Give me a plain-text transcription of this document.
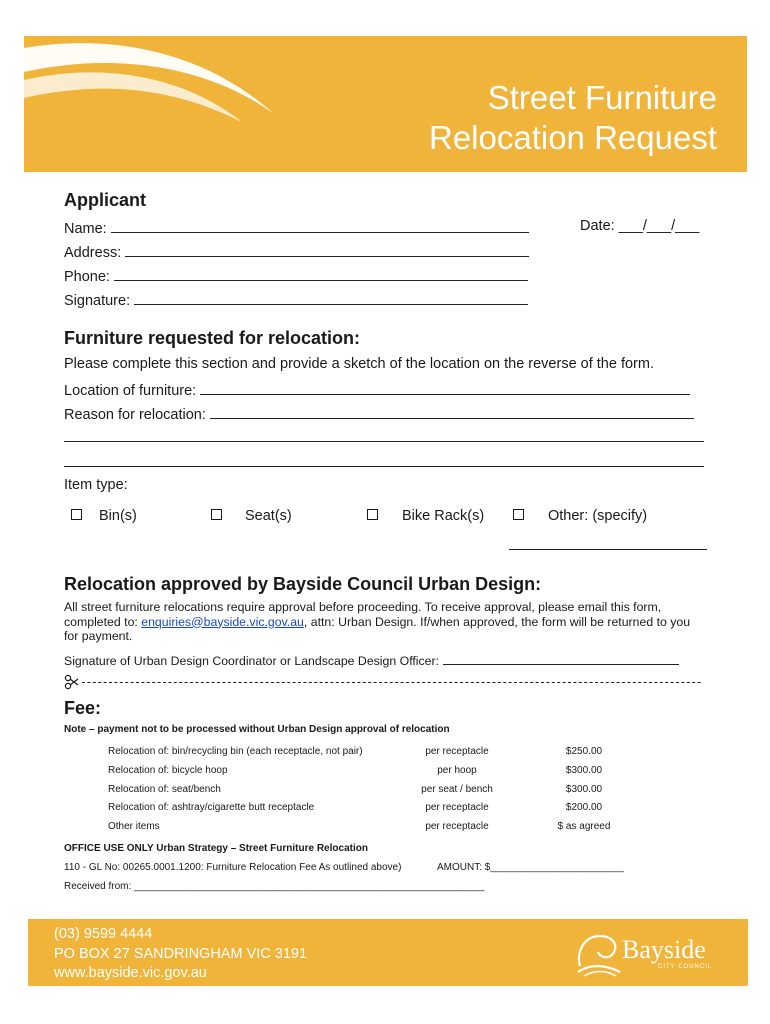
Street Furniture
Relocation Request
Applicant
Name:	Date: ___/___/___
Address:
Phone:
Signature:
Furniture requested for relocation:
Please complete this section and provide a sketch of the location on the reverse of the form.
Location of furniture:
Reason for relocation:
Item type:
Bin(s)	Seat(s)	Bike Rack(s)	Other: (specify)
Relocation approved by Bayside Council Urban Design:
All street furniture relocations require approval before proceeding. To receive approval, please email this form, completed to: enquiries@bayside.vic.gov.au, attn: Urban Design. If/when approved, the form will be returned to you for payment.
Signature of Urban Design Coordinator or Landscape Design Officer:
Fee:
Note – payment not to be processed without Urban Design approval of relocation
Relocation of: bin/recycling bin (each receptacle, not pair)	per receptacle	$250.00
Relocation of: bicycle hoop	per hoop	$300.00
Relocation of: seat/bench	per seat / bench	$300.00
Relocation of: ashtray/cigarette butt receptacle	per receptacle	$200.00
Other items	per receptacle	$ as agreed
OFFICE USE ONLY Urban Strategy – Street Furniture Relocation
110 - GL No: 00265.0001.1200: Furniture Relocation Fee As outlined above)	AMOUNT: $________________________
Received from: _______________________________________________________________
(03) 9599 4444
PO BOX 27 SANDRINGHAM VIC 3191
www.bayside.vic.gov.au
Bayside
CITY COUNCIL
